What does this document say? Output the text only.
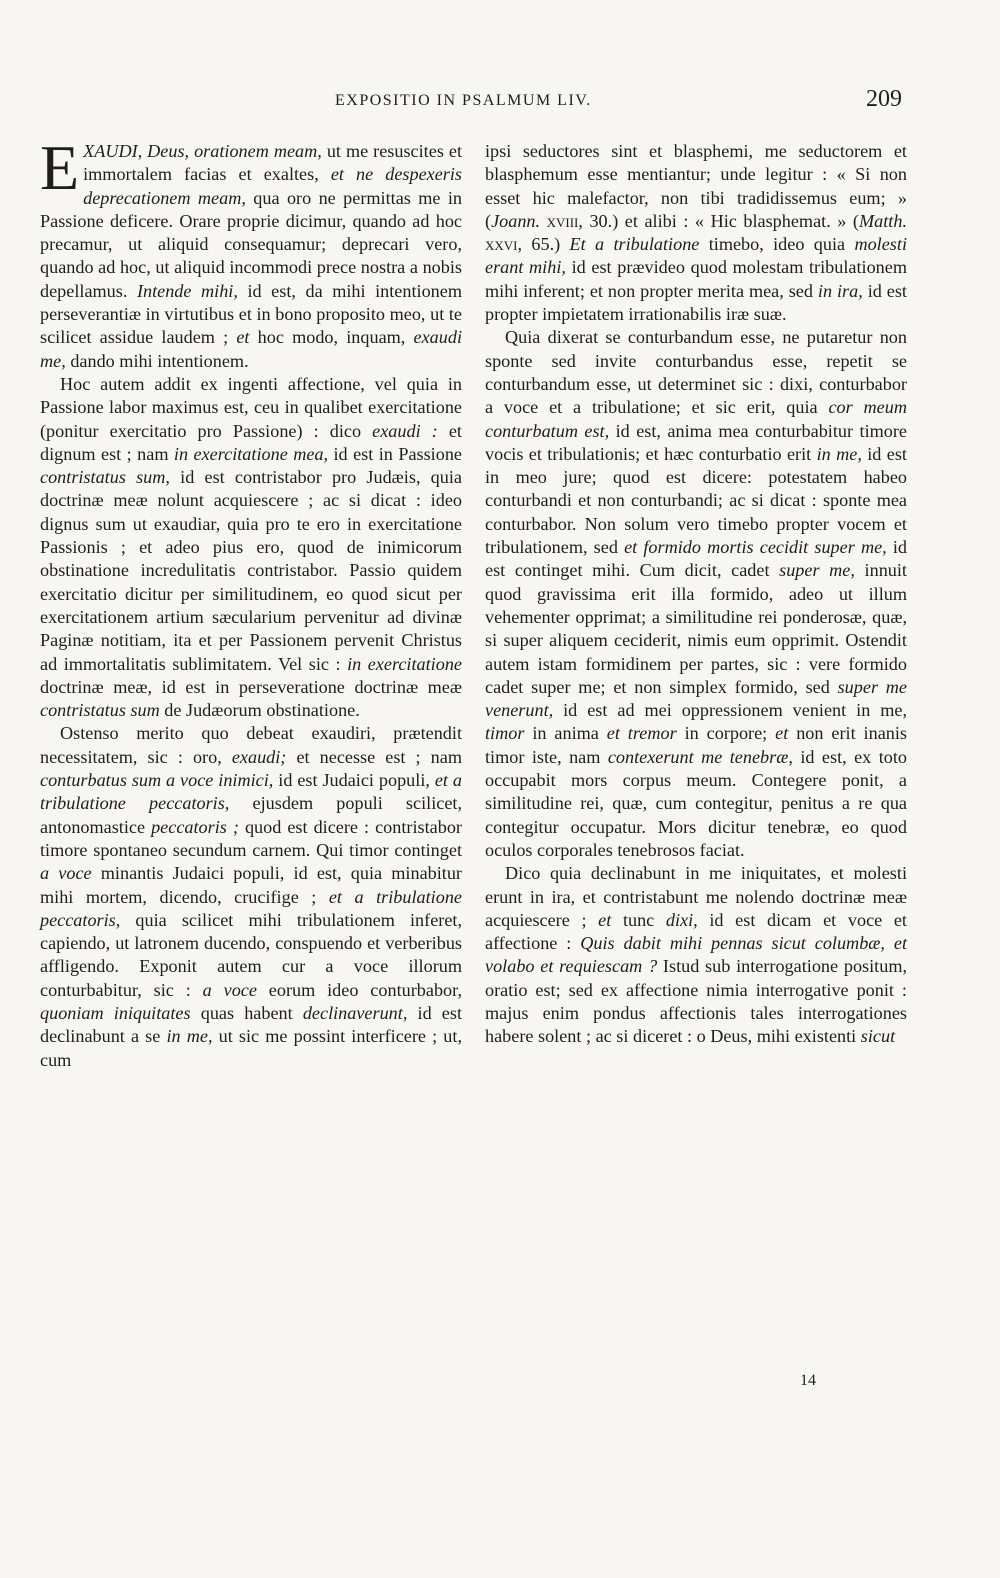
EXPOSITIO IN PSALMUM LIV.	209

EXAUDI, Deus, orationem meam, ut me resuscites et immortalem facias et exaltes, et ne despexeris deprecationem meam, qua oro ne permittas me in Passione deficere. Orare proprie dicimur, quando ad hoc precamur, ut aliquid consequamur; deprecari vero, quando ad hoc, ut aliquid incommodi prece nostra a nobis depellamus. Intende mihi, id est, da mihi intentionem perseverantiæ in virtutibus et in bono proposito meo, ut te scilicet assidue laudem ; et hoc modo, inquam, exaudi me, dando mihi intentionem.

Hoc autem addit ex ingenti affectione, vel quia in Passione labor maximus est, ceu in qualibet exercitatione (ponitur exercitatio pro Passione) : dico exaudi : et dignum est ; nam in exercitatione mea, id est in Passione contristatus sum, id est contristabor pro Judæis, quia doctrinæ meæ nolunt acquiescere ; ac si dicat : ideo dignus sum ut exaudiar, quia pro te ero in exercitatione Passionis ; et adeo pius ero, quod de inimicorum obstinatione incredulitatis contristabor. Passio quidem exercitatio dicitur per similitudinem, eo quod sicut per exercitationem artium sæcularium pervenitur ad divinæ Paginæ notitiam, ita et per Passionem pervenit Christus ad immortalitatis sublimitatem. Vel sic : in exercitatione doctrinæ meæ, id est in perseveratione doctrinæ meæ contristatus sum de Judæorum obstinatione.

Ostenso merito quo debeat exaudiri, prætendit necessitatem, sic : oro, exaudi; et necesse est ; nam conturbatus sum a voce inimici, id est Judaici populi, et a tribulatione peccatoris, ejusdem populi scilicet, antonomastice peccatoris ; quod est dicere : contristabor timore spontaneo secundum carnem. Qui timor continget a voce minantis Judaici populi, id est, quia minabitur mihi mortem, dicendo, crucifige ; et a tribulatione peccatoris, quia scilicet mihi tribulationem inferet, capiendo, ut latronem ducendo, conspuendo et verberibus affligendo. Exponit autem cur a voce illorum conturbabitur, sic : a voce eorum ideo conturbabor, quoniam iniquitates quas habent declinaverunt, id est declinabunt a se in me, ut sic me possint interficere ; ut, cum

ipsi seductores sint et blasphemi, me seductorem et blasphemum esse mentiantur; unde legitur : « Si non esset hic malefactor, non tibi tradidissemus eum; » (Joann. xviii, 30.) et alibi : « Hic blasphemat. » (Matth. xxvi, 65.) Et a tribulatione timebo, ideo quia molesti erant mihi, id est prævideo quod molestam tribulationem mihi inferent; et non propter merita mea, sed in ira, id est propter impietatem irrationabilis iræ suæ.

Quia dixerat se conturbandum esse, ne putaretur non sponte sed invite conturbandus esse, repetit se conturbandum esse, ut determinet sic : dixi, conturbabor a voce et a tribulatione; et sic erit, quia cor meum conturbatum est, id est, anima mea conturbabitur timore vocis et tribulationis; et hæc conturbatio erit in me, id est in meo jure; quod est dicere: potestatem habeo conturbandi et non conturbandi; ac si dicat : sponte mea conturbabor. Non solum vero timebo propter vocem et tribulationem, sed et formido mortis cecidit super me, id est continget mihi. Cum dicit, cadet super me, innuit quod gravissima erit illa formido, adeo ut illum vehementer opprimat; a similitudine rei ponderosæ, quæ, si super aliquem ceciderit, nimis eum opprimit. Ostendit autem istam formidinem per partes, sic : vere formido cadet super me; et non simplex formido, sed super me venerunt, id est ad mei oppressionem venient in me, timor in anima et tremor in corpore; et non erit inanis timor iste, nam contexerunt me tenebræ, id est, ex toto occupabit mors corpus meum. Contegere ponit, a similitudine rei, quæ, cum contegitur, penitus a re qua contegitur occupatur. Mors dicitur tenebræ, eo quod oculos corporales tenebrosos faciat.

Dico quia declinabunt in me iniquitates, et molesti erunt in ira, et contristabunt me nolendo doctrinæ meæ acquiescere ; et tunc dixi, id est dicam et voce et affectione : Quis dabit mihi pennas sicut columbæ, et volabo et requiescam ? Istud sub interrogatione positum, oratio est; sed ex affectione nimia interrogative ponit : majus enim pondus affectionis tales interrogationes habere solent ; ac si diceret : o Deus, mihi existenti sicut

14
